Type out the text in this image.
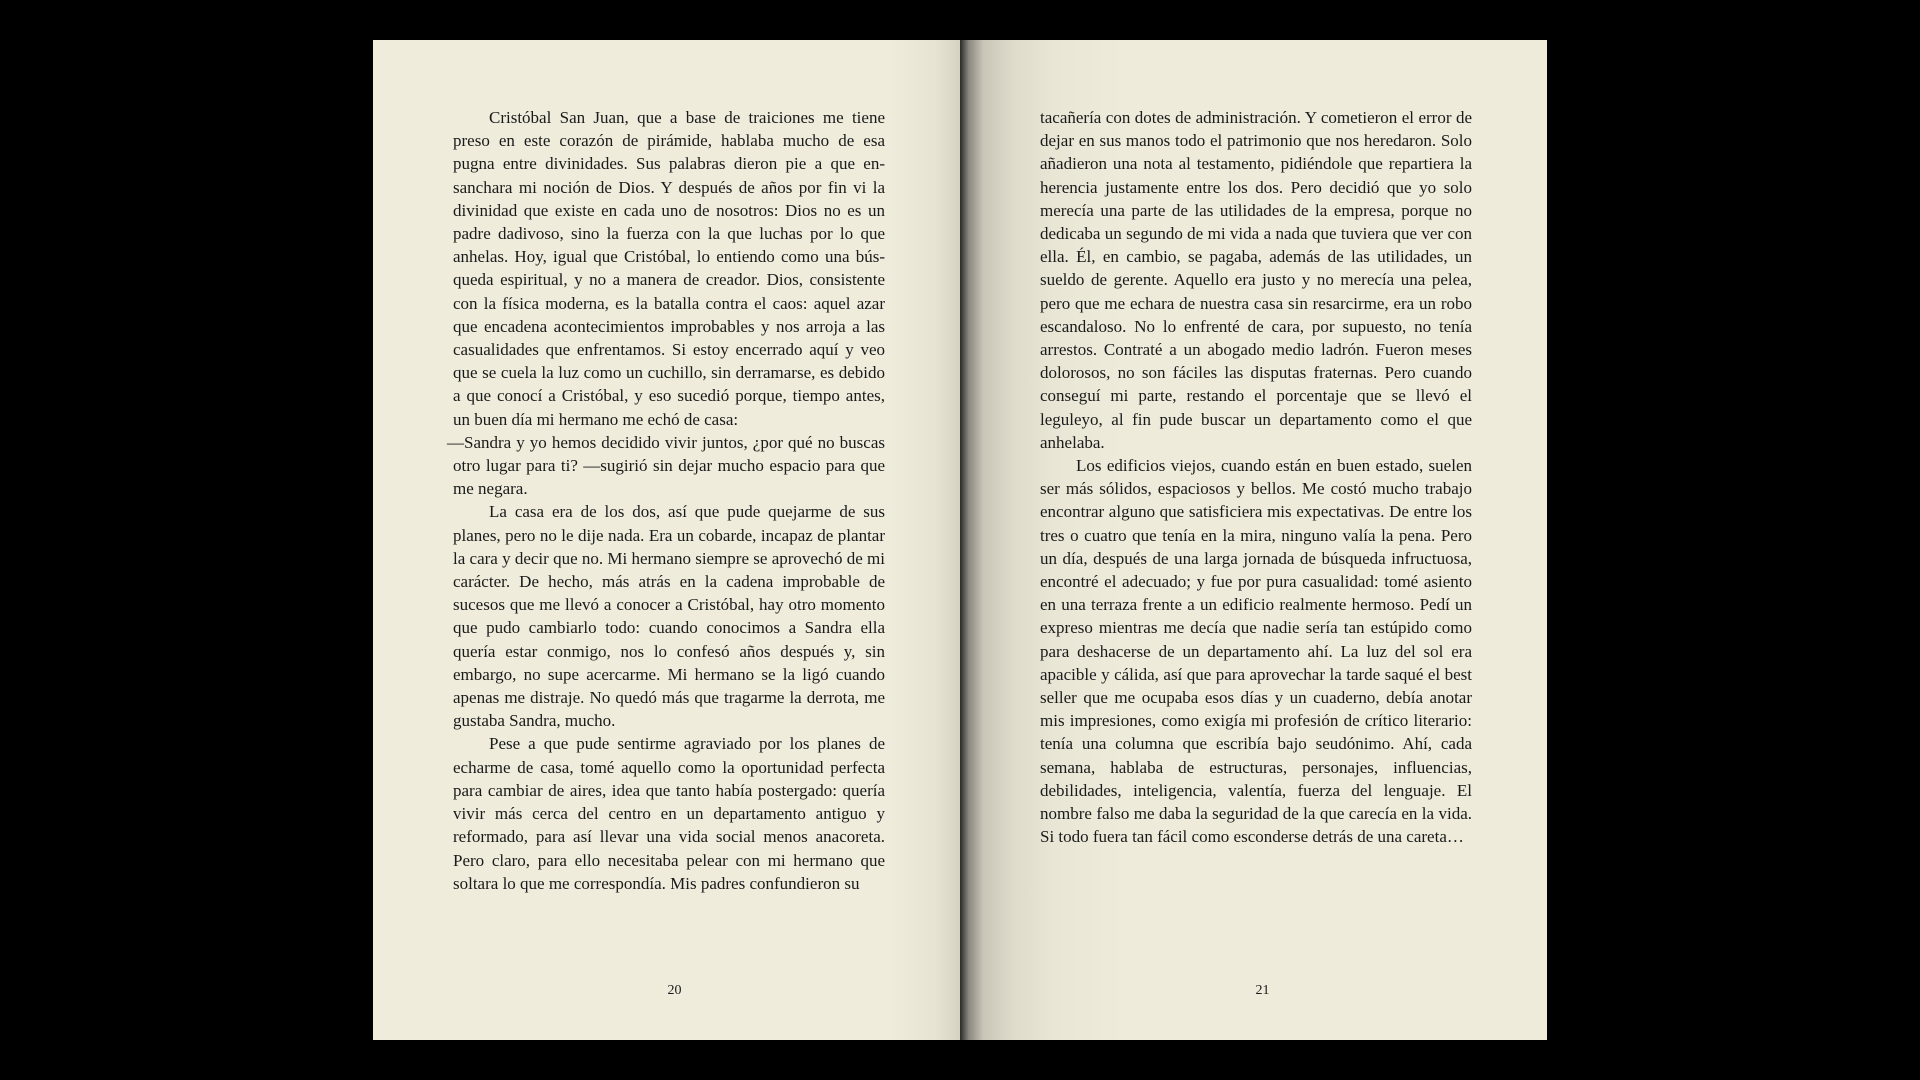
Cristóbal San Juan, que a base de traiciones me tiene preso en este corazón de pirámide, hablaba mucho de esa pugna entre divinidades. Sus palabras dieron pie a que ensanchara mi noción de Dios. Y después de años por fin vi la divinidad que existe en cada uno de nosotros: Dios no es un padre dadivoso, sino la fuerza con la que luchas por lo que anhelas. Hoy, igual que Cristóbal, lo entiendo como una búsqueda espiritual, y no a manera de creador. Dios, consistente con la física moderna, es la batalla contra el caos: aquel azar que encadena acontecimientos improbables y nos arroja a las casualidades que enfrentamos. Si estoy encerrado aquí y veo que se cuela la luz como un cuchillo, sin derramarse, es debido a que conocí a Cristóbal, y eso sucedió porque, tiempo antes, un buen día mi hermano me echó de casa:

—Sandra y yo hemos decidido vivir juntos, ¿por qué no buscas otro lugar para ti? —sugirió sin dejar mucho espacio para que me negara.

La casa era de los dos, así que pude quejarme de sus planes, pero no le dije nada. Era un cobarde, incapaz de plantar la cara y decir que no. Mi hermano siempre se aprovechó de mi carácter. De hecho, más atrás en la cadena improbable de sucesos que me llevó a conocer a Cristóbal, hay otro momento que pudo cambiarlo todo: cuando conocimos a Sandra ella quería estar conmigo, nos lo confesó años después y, sin embargo, no supe acercarme. Mi hermano se la ligó cuando apenas me distraje. No quedó más que tragarme la derrota, me gustaba Sandra, mucho.

Pese a que pude sentirme agraviado por los planes de echarme de casa, tomé aquello como la oportunidad perfecta para cambiar de aires, idea que tanto había postergado: quería vivir más cerca del centro en un departamento antiguo y reformado, para así llevar una vida social menos anacoreta. Pero claro, para ello necesitaba pelear con mi hermano que soltara lo que me correspondía. Mis padres confundieron su

20

tacañería con dotes de administración. Y cometieron el error de dejar en sus manos todo el patrimonio que nos heredaron. Solo añadieron una nota al testamento, pidiéndole que repartiera la herencia justamente entre los dos. Pero decidió que yo solo merecía una parte de las utilidades de la empresa, porque no dedicaba un segundo de mi vida a nada que tuviera que ver con ella. Él, en cambio, se pagaba, además de las utilidades, un sueldo de gerente. Aquello era justo y no merecía una pelea, pero que me echara de nuestra casa sin resarcirme, era un robo escandaloso. No lo enfrenté de cara, por supuesto, no tenía arrestos. Contraté a un abogado medio ladrón. Fueron meses dolorosos, no son fáciles las disputas fraternas. Pero cuando conseguí mi parte, restando el porcentaje que se llevó el leguleyo, al fin pude buscar un departamento como el que anhelaba.

Los edificios viejos, cuando están en buen estado, suelen ser más sólidos, espaciosos y bellos. Me costó mucho trabajo encontrar alguno que satisficiera mis expectativas. De entre los tres o cuatro que tenía en la mira, ninguno valía la pena. Pero un día, después de una larga jornada de búsqueda infructuosa, encontré el adecuado; y fue por pura casualidad: tomé asiento en una terraza frente a un edificio realmente hermoso. Pedí un expreso mientras me decía que nadie sería tan estúpido como para deshacerse de un departamento ahí. La luz del sol era apacible y cálida, así que para aprovechar la tarde saqué el best seller que me ocupaba esos días y un cuaderno, debía anotar mis impresiones, como exigía mi profesión de crítico literario: tenía una columna que escribía bajo seudónimo. Ahí, cada semana, hablaba de estructuras, personajes, influencias, debilidades, inteligencia, valentía, fuerza del lenguaje. El nombre falso me daba la seguridad de la que carecía en la vida. Si todo fuera tan fácil como esconderse detrás de una careta…

21
